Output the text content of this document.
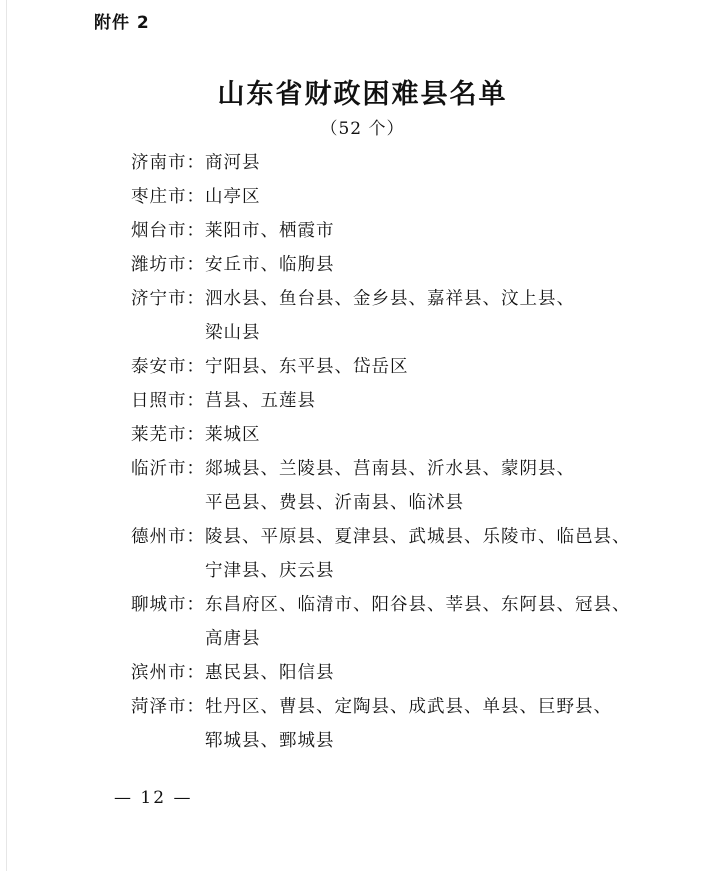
附件 2
山东省财政困难县名单
（52 个）
济南市： 商河县
枣庄市： 山亭区
烟台市： 莱阳市、栖霞市
潍坊市： 安丘市、临朐县
济宁市： 泗水县、鱼台县、金乡县、嘉祥县、汶上县、
梁山县
泰安市： 宁阳县、东平县、岱岳区
日照市： 莒县、五莲县
莱芜市： 莱城区
临沂市： 郯城县、兰陵县、莒南县、沂水县、蒙阴县、
平邑县、费县、沂南县、临沭县
德州市： 陵县、平原县、夏津县、武城县、乐陵市、临邑县、
宁津县、庆云县
聊城市： 东昌府区、临清市、阳谷县、莘县、东阿县、冠县、
高唐县
滨州市： 惠民县、阳信县
菏泽市： 牡丹区、曹县、定陶县、成武县、单县、巨野县、
郓城县、鄄城县
— 12 —
